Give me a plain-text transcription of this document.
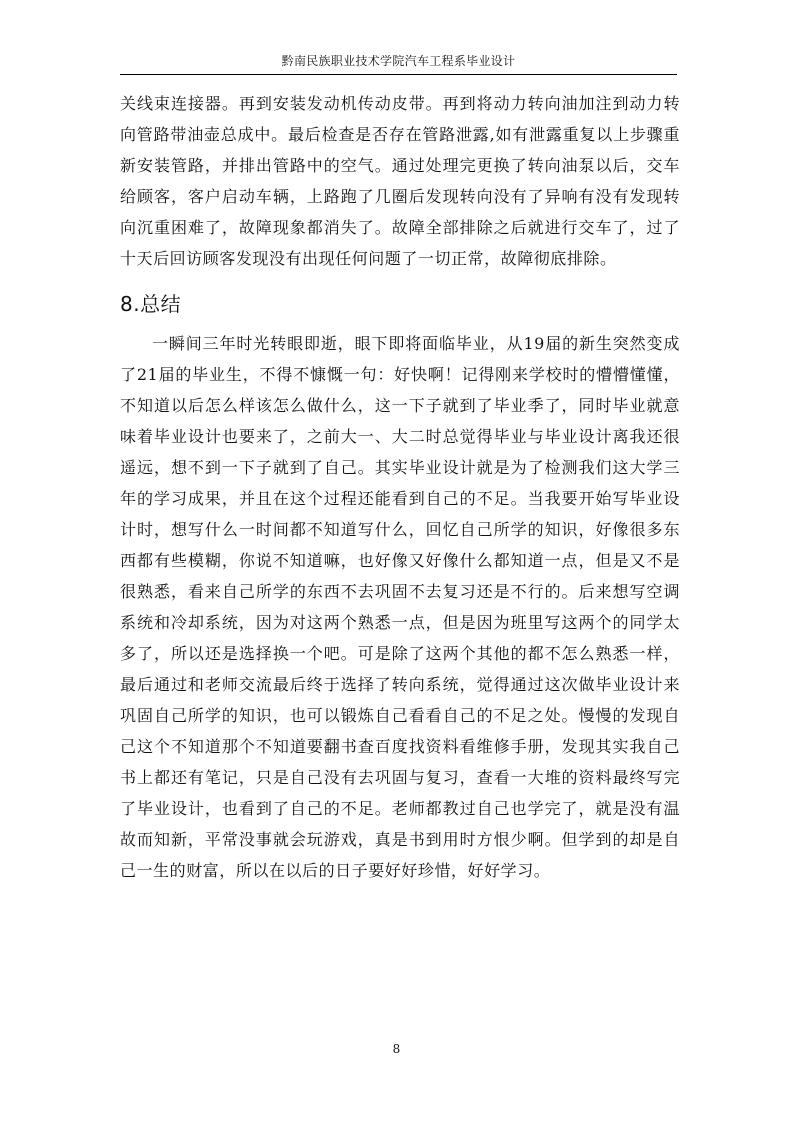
黔南民族职业技术学院汽车工程系毕业设计

关线束连接器。再到安装发动机传动皮带。再到将动力转向油加注到动力转向管路带油壶总成中。最后检查是否存在管路泄露,如有泄露重复以上步骤重新安装管路，并排出管路中的空气。通过处理完更换了转向油泵以后，交车给顾客，客户启动车辆，上路跑了几圈后发现转向没有了异响有没有发现转向沉重困难了，故障现象都消失了。故障全部排除之后就进行交车了，过了十天后回访顾客发现没有出现任何问题了一切正常，故障彻底排除。

8.总结

一瞬间三年时光转眼即逝，眼下即将面临毕业，从19届的新生突然变成了21届的毕业生，不得不慷慨一句：好快啊！记得刚来学校时的懵懵懂懂，不知道以后怎么样该怎么做什么，这一下子就到了毕业季了，同时毕业就意味着毕业设计也要来了，之前大一、大二时总觉得毕业与毕业设计离我还很遥远，想不到一下子就到了自己。其实毕业设计就是为了检测我们这大学三年的学习成果，并且在这个过程还能看到自己的不足。当我要开始写毕业设计时，想写什么一时间都不知道写什么，回忆自己所学的知识，好像很多东西都有些模糊，你说不知道嘛，也好像又好像什么都知道一点，但是又不是很熟悉，看来自己所学的东西不去巩固不去复习还是不行的。后来想写空调系统和冷却系统，因为对这两个熟悉一点，但是因为班里写这两个的同学太多了，所以还是选择换一个吧。可是除了这两个其他的都不怎么熟悉一样，最后通过和老师交流最后终于选择了转向系统，觉得通过这次做毕业设计来巩固自己所学的知识，也可以锻炼自己看看自己的不足之处。慢慢的发现自己这个不知道那个不知道要翻书查百度找资料看维修手册，发现其实我自己书上都还有笔记，只是自己没有去巩固与复习，查看一大堆的资料最终写完了毕业设计，也看到了自己的不足。老师都教过自己也学完了，就是没有温故而知新，平常没事就会玩游戏，真是书到用时方恨少啊。但学到的却是自己一生的财富，所以在以后的日子要好好珍惜，好好学习。

8
